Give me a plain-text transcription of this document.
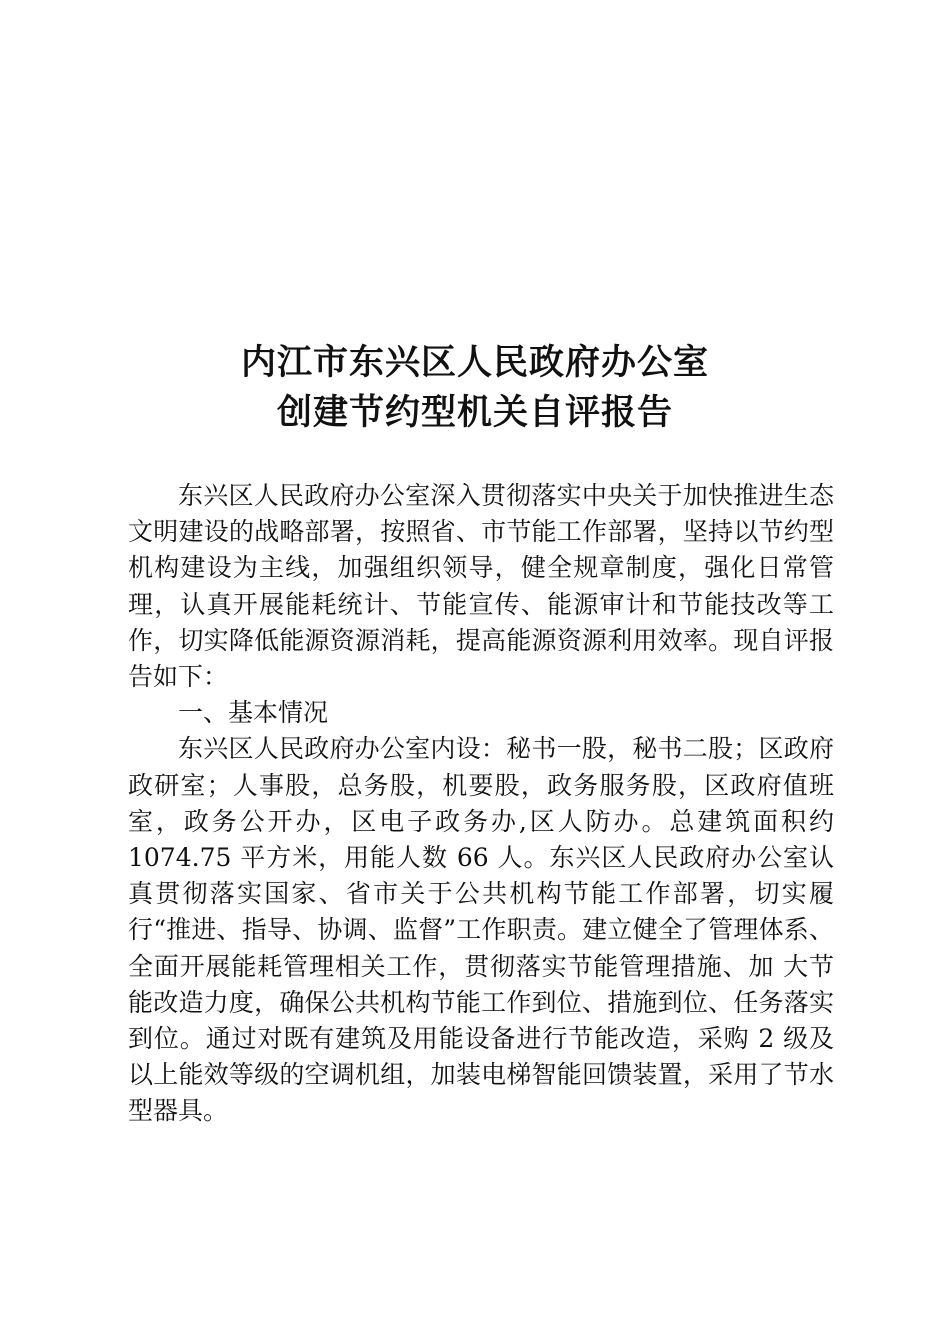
内江市东兴区人民政府办公室
创建节约型机关自评报告

东兴区人民政府办公室深入贯彻落实中央关于加快推进生态文明建设的战略部署，按照省、市节能工作部署，坚持以节约型机构建设为主线，加强组织领导，健全规章制度，强化日常管理，认真开展能耗统计、节能宣传、能源审计和节能技改等工作，切实降低能源资源消耗，提高能源资源利用效率。现自评报告如下：

一、基本情况

东兴区人民政府办公室内设：秘书一股，秘书二股；区政府政研室；人事股，总务股，机要股，政务服务股，区政府值班室，政务公开办，区电子政务办,区人防办。总建筑面积约 1074.75 平方米，用能人数 66 人。东兴区人民政府办公室认真贯彻落实国家、省市关于公共机构节能工作部署，切实履行“推进、指导、协调、监督”工作职责。建立健全了管理体系、全面开展能耗管理相关工作，贯彻落实节能管理措施、加 大节能改造力度，确保公共机构节能工作到位、措施到位、任务落实到位。通过对既有建筑及用能设备进行节能改造，采购 2 级及以上能效等级的空调机组，加装电梯智能回馈装置，采用了节水型器具。
